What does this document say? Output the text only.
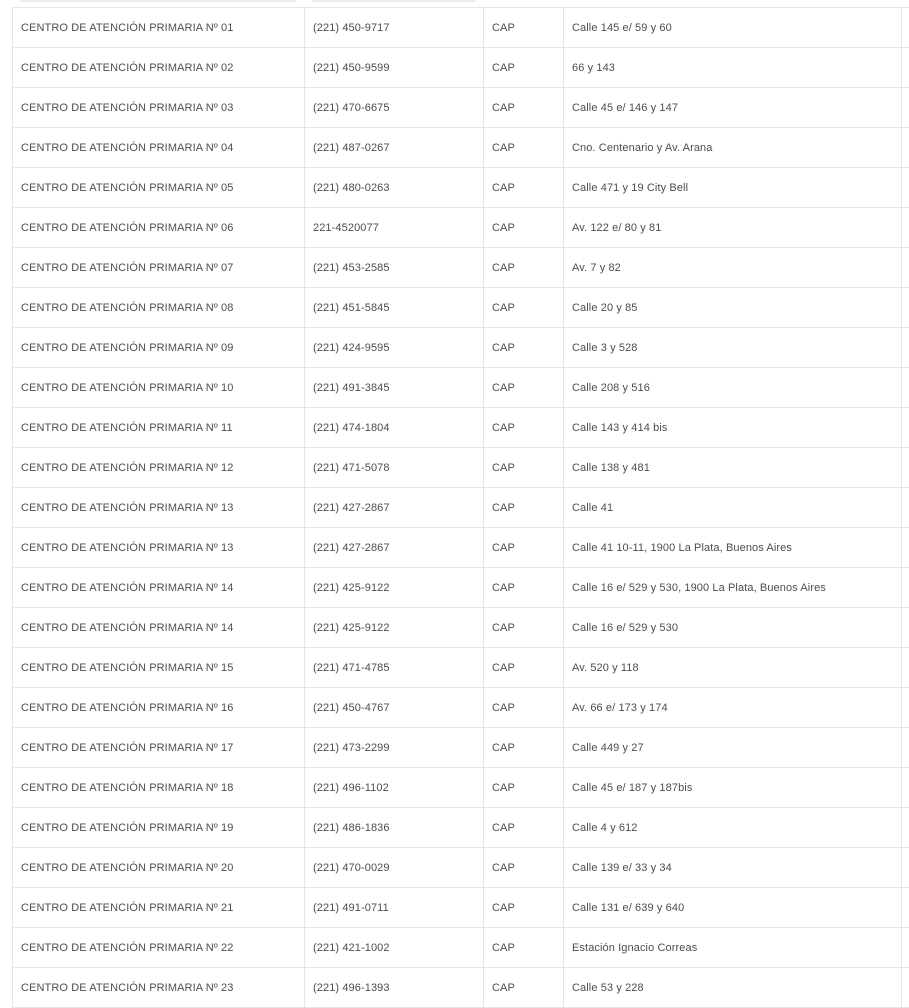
CENTRO DE ATENCIÓN PRIMARIA Nº 01	(221) 450-9717	CAP	Calle 145 e/ 59 y 60	
CENTRO DE ATENCIÓN PRIMARIA Nº 02	(221) 450-9599	CAP	66 y 143	
CENTRO DE ATENCIÓN PRIMARIA Nº 03	(221) 470-6675	CAP	Calle 45 e/ 146 y 147	
CENTRO DE ATENCIÓN PRIMARIA Nº 04	(221) 487-0267	CAP	Cno. Centenario y Av. Arana	
CENTRO DE ATENCIÓN PRIMARIA Nº 05	(221) 480-0263	CAP	Calle 471 y 19 City Bell	
CENTRO DE ATENCIÓN PRIMARIA Nº 06	221-4520077	CAP	Av. 122 e/ 80 y 81	
CENTRO DE ATENCIÓN PRIMARIA Nº 07	(221) 453-2585	CAP	Av. 7 y 82	
CENTRO DE ATENCIÓN PRIMARIA Nº 08	(221) 451-5845	CAP	Calle 20 y 85	
CENTRO DE ATENCIÓN PRIMARIA Nº 09	(221) 424-9595	CAP	Calle 3 y 528	
CENTRO DE ATENCIÓN PRIMARIA Nº 10	(221) 491-3845	CAP	Calle 208 y 516	
CENTRO DE ATENCIÓN PRIMARIA Nº 11	(221) 474-1804	CAP	Calle 143 y 414 bis	
CENTRO DE ATENCIÓN PRIMARIA Nº 12	(221) 471-5078	CAP	Calle 138 y 481	
CENTRO DE ATENCIÓN PRIMARIA Nº 13	(221) 427-2867	CAP	Calle 41	
CENTRO DE ATENCIÓN PRIMARIA Nº 13	(221) 427-2867	CAP	Calle 41 10-11, 1900 La Plata, Buenos Aires	
CENTRO DE ATENCIÓN PRIMARIA Nº 14	(221) 425-9122	CAP	Calle 16 e/ 529 y 530, 1900 La Plata, Buenos Aires	
CENTRO DE ATENCIÓN PRIMARIA Nº 14	(221) 425-9122	CAP	Calle 16 e/ 529 y 530	
CENTRO DE ATENCIÓN PRIMARIA Nº 15	(221) 471-4785	CAP	Av. 520 y 118	
CENTRO DE ATENCIÓN PRIMARIA Nº 16	(221) 450-4767	CAP	Av. 66 e/ 173 y 174	
CENTRO DE ATENCIÓN PRIMARIA Nº 17	(221) 473-2299	CAP	Calle 449 y 27	
CENTRO DE ATENCIÓN PRIMARIA Nº 18	(221) 496-1102	CAP	Calle 45 e/ 187 y 187bis	
CENTRO DE ATENCIÓN PRIMARIA Nº 19	(221) 486-1836	CAP	Calle 4 y 612	
CENTRO DE ATENCIÓN PRIMARIA Nº 20	(221) 470-0029	CAP	Calle 139 e/ 33 y 34	
CENTRO DE ATENCIÓN PRIMARIA Nº 21	(221) 491-0711	CAP	Calle 131 e/ 639 y 640	
CENTRO DE ATENCIÓN PRIMARIA Nº 22	(221) 421-1002	CAP	Estación Ignacio Correas	
CENTRO DE ATENCIÓN PRIMARIA Nº 23	(221) 496-1393	CAP	Calle 53 y 228	
